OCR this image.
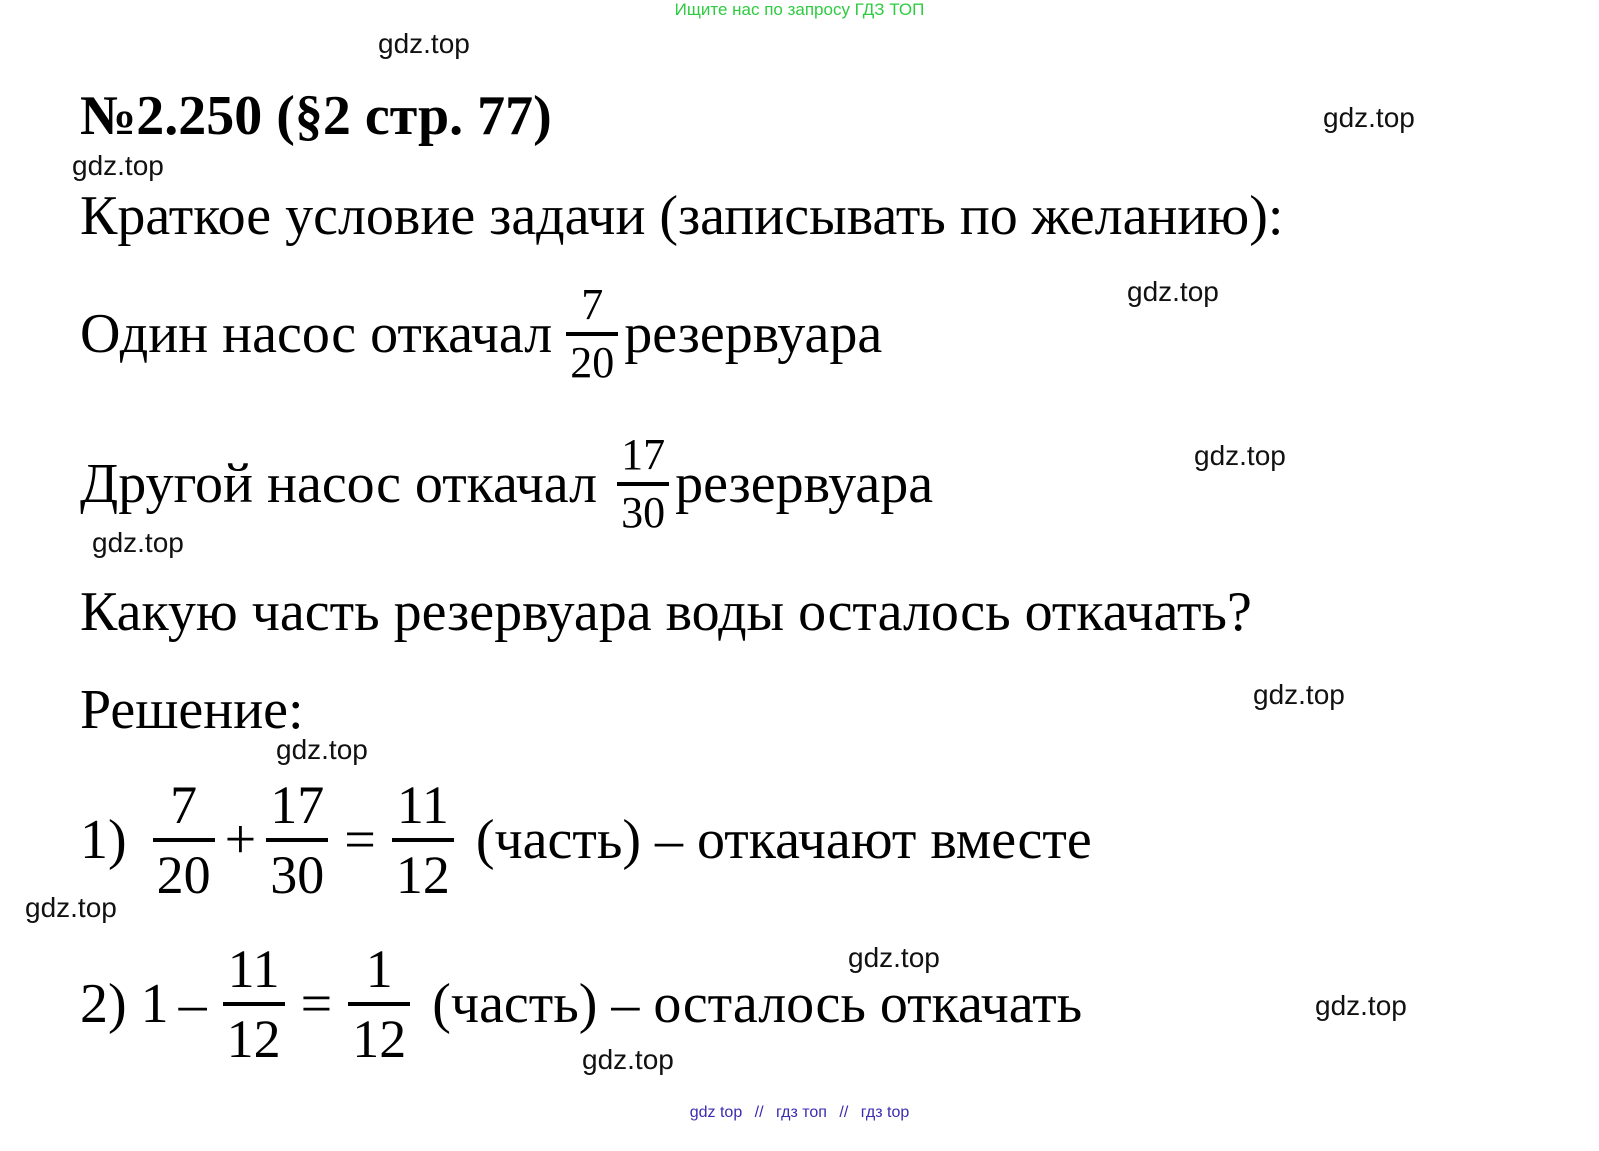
Ищите нас по запросу ГДЗ ТОП
gdz.top
gdz.top
gdz.top
gdz.top
gdz.top
gdz.top
gdz.top
gdz.top
gdz.top
gdz.top
gdz.top
gdz.top
№2.250 (§2 стр. 77)
Краткое условие задачи (записывать по желанию):
Один насос откачал $\frac{7}{20}$ резервуара
Другой насос откачал $\frac{17}{30}$ резервуара
Какую часть резервуара воды осталось откачать?
Решение:
$1) \frac{7}{20} + \frac{17}{30} = \frac{11}{12}$ (часть) – откачают вместе
2) $1 - \frac{11}{12} = \frac{1}{12}$ (часть) – осталось откачать
gdz top // гдз топ // гдз top
